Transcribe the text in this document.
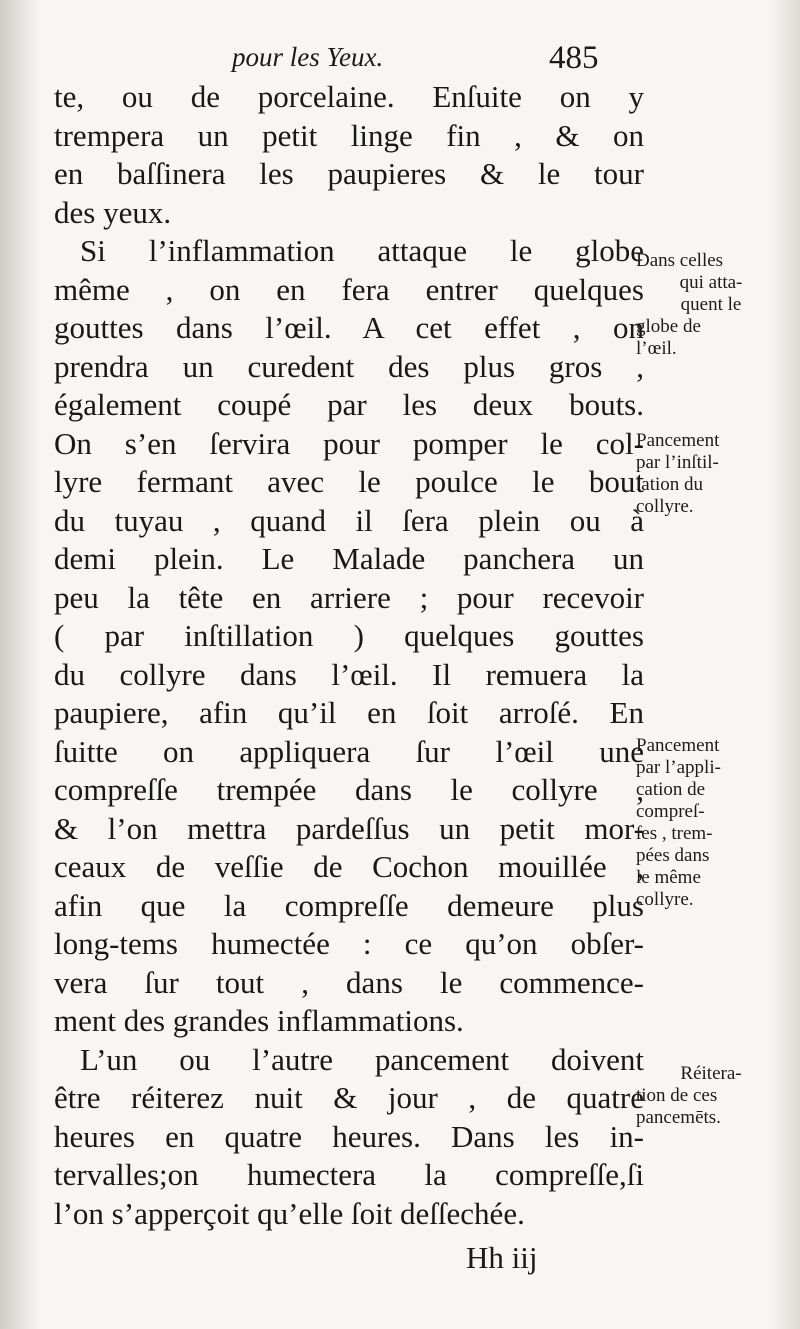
pour les Yeux.	485
te, ou de porcelaine. Enſuite on y
trempera un petit linge fin , & on
en baſſinera les paupieres & le tour
des yeux.
Si l’inflammation attaque le globe
même , on en fera entrer quelques
gouttes dans l’œil. A cet effet , on
prendra un curedent des plus gros ,
également coupé par les deux bouts.
On s’en ſervira pour pomper le col-
lyre fermant avec le poulce le bout
du tuyau , quand il ſera plein ou à
demi plein. Le Malade panchera un
peu la tête en arriere ; pour recevoir
( par inſtillation ) quelques gouttes
du collyre dans l’œil. Il remuera la
paupiere, afin qu’il en ſoit arroſé. En
ſuitte on appliquera ſur l’œil une
compreſſe trempée dans le collyre ,
& l’on mettra pardeſſus un petit mor-
ceaux de veſſie de Cochon mouillée ,
afin que la compreſſe demeure plus
long-tems humectée : ce qu’on obſer-
vera ſur tout , dans le commence-
ment des grandes inflammations.
L’un ou l’autre pancement doivent
être réiterez nuit & jour , de quatre
heures en quatre heures. Dans les in-
tervalles;on humectera la compreſſe,ſi
l’on s’apperçoit qu’elle ſoit deſſechée.
Dans celles
qui atta-
quent le
globe de
l’œil.
Pancement
par l’inſtil-
lation du
collyre.
Pancement
par l’appli-
cation de
compreſ-
ſes , trem-
pées dans
le même
collyre.
Réitera-
tion de ces
pancemēts.
Hh iij
